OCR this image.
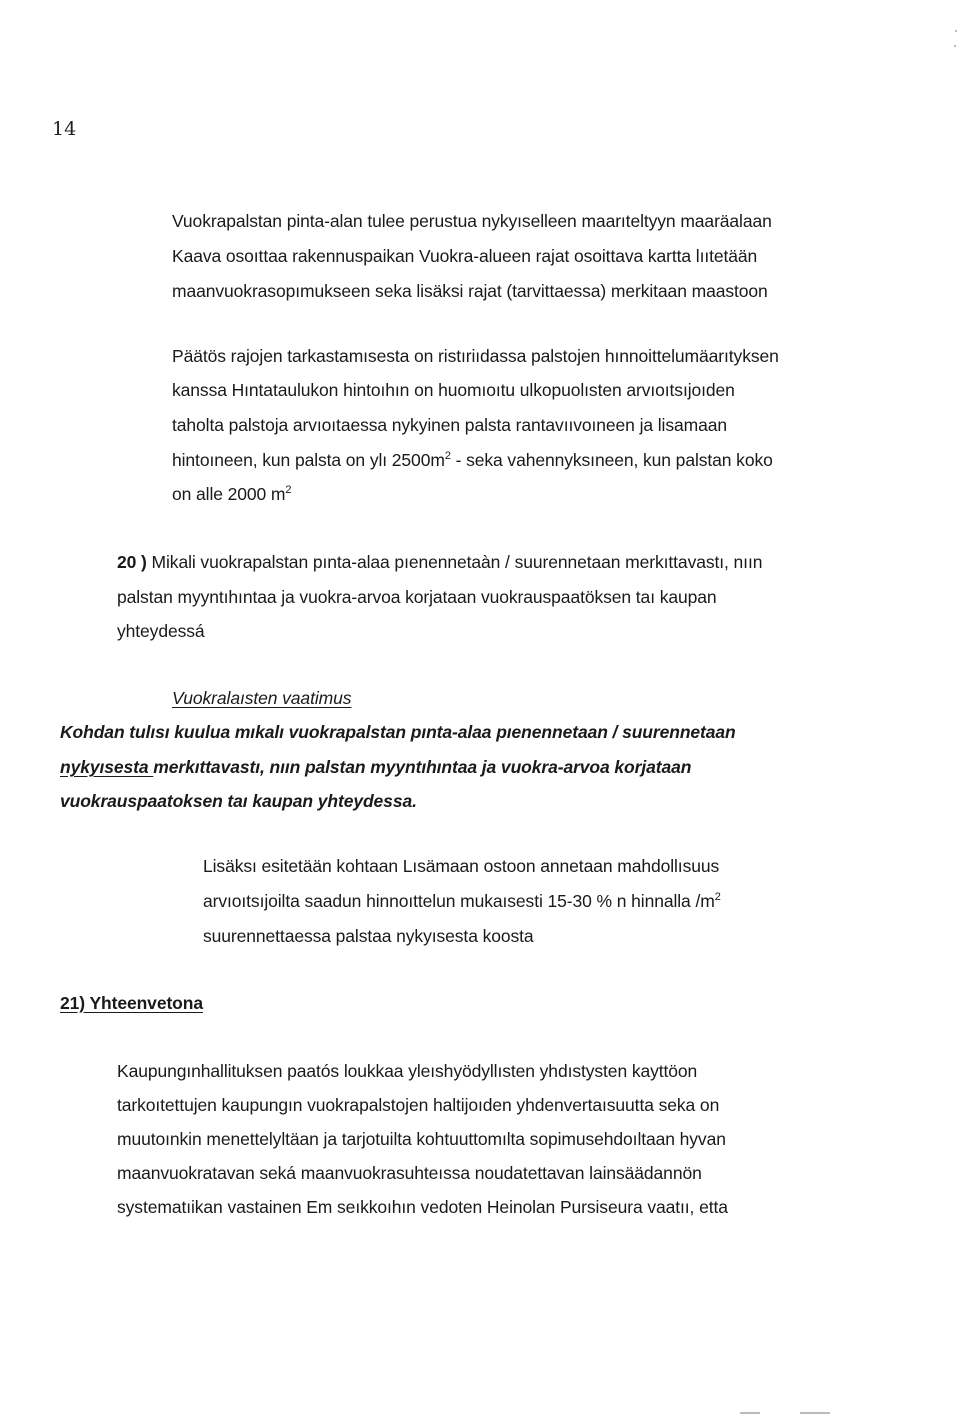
14
Vuokrapalstan pinta-alan tulee perustua nykyıselleen maarıteltyyn maaräalaan
Kaava osoıttaa rakennuspaikan Vuokra-alueen rajat osoittava kartta lııtetään
maanvuokrasopımukseen seka lisäksi rajat (tarvittaessa) merkitaan maastoon
Päätös rajojen tarkastamısesta on ristıriıdassa palstojen hınnoittelumäarıtyksen
kanssa Hıntataulukon hintoıhın on huomıoıtu ulkopuolısten arvıoıtsıjoıden
taholta palstoja arvıoıtaessa nykyinen palsta rantavııvoıneen ja lisamaan
hintoıneen, kun palsta on ylı $2500m^2$ - seka vahennyksıneen, kun palstan koko
on alle 2000 $m^2$
20 ) Mikali vuokrapalstan pınta-alaa pıenennetaàn / suurennetaan merkıttavastı, nıın
palstan myyntıhıntaa ja vuokra-arvoa korjataan vuokrauspaatöksen taı kaupan
yhteydessá
Vuokralaısten vaatimus
Kohdan tulısı kuulua mıkalı vuokrapalstan pınta-alaa pıenennetaan / suurennetaan
nykyısesta merkıttavastı, nıın palstan myyntıhıntaa ja vuokra-arvoa korjataan
vuokrauspaatoksen taı kaupan yhteydessa.
Lisäksı esitetään kohtaan Lısämaan ostoon annetaan mahdollısuus
arvıoıtsıjoilta saadun hinnoıttelun mukaısesti 15-30 % n hinnalla $/m^2$
suurennettaessa palstaa nykyısesta koosta
21) Yhteenvetona
Kaupungınhallituksen paatós loukkaa yleıshyödyllısten yhdıstysten kayttöon
tarkoıtettujen kaupungın vuokrapalstojen haltijoıden yhdenvertaısuutta seka on
muutoınkin menettelyltäan ja tarjotuilta kohtuuttomılta sopimusehdoıltaan hyvan
maanvuokratavan seká maanvuokrasuhteıssa noudatettavan lainsäädannön
systematıikan vastainen Em seıkkoıhın vedoten Heinolan Pursiseura vaatıı, etta
